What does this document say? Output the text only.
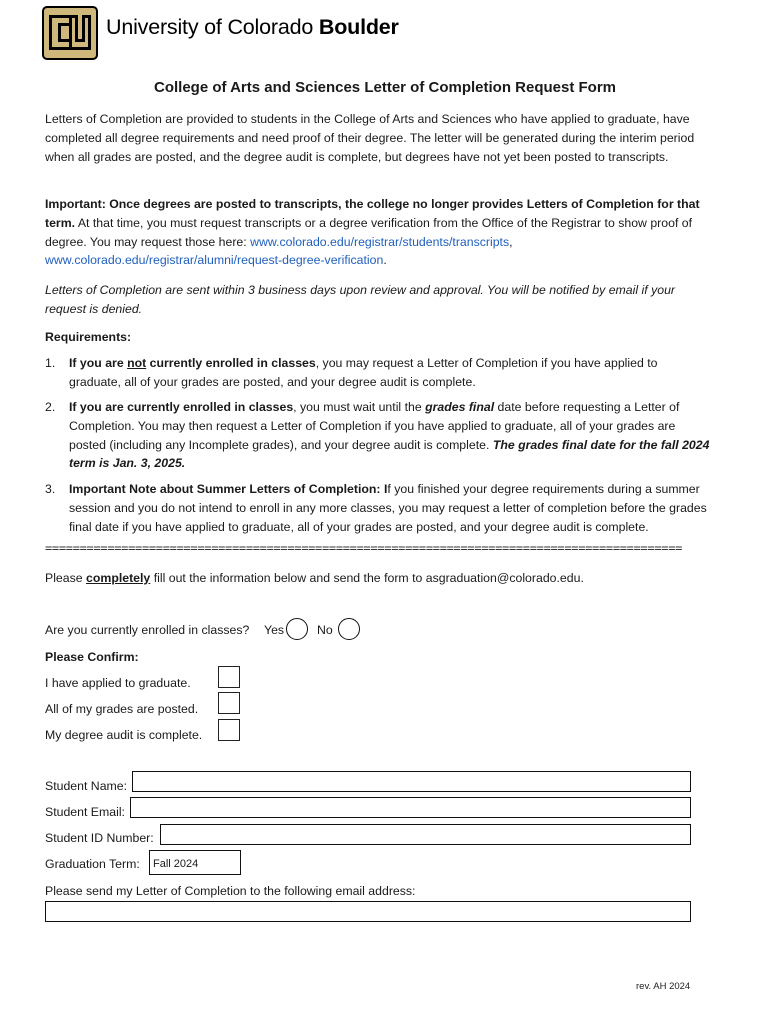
University of Colorado Boulder
College of Arts and Sciences Letter of Completion Request Form
Letters of Completion are provided to students in the College of Arts and Sciences who have applied to graduate, have completed all degree requirements and need proof of their degree. The letter will be generated during the interim period when all grades are posted, and the degree audit is complete, but degrees have not yet been posted to transcripts.
Important: Once degrees are posted to transcripts, the college no longer provides Letters of Completion for that term. At that time, you must request transcripts or a degree verification from the Office of the Registrar to show proof of degree. You may request those here: www.colorado.edu/registrar/students/transcripts, www.colorado.edu/registrar/alumni/request-degree-verification.
Letters of Completion are sent within 3 business days upon review and approval. You will be notified by email if your request is denied.
Requirements:
1. If you are not currently enrolled in classes, you may request a Letter of Completion if you have applied to graduate, all of your grades are posted, and your degree audit is complete.
2. If you are currently enrolled in classes, you must wait until the grades final date before requesting a Letter of Completion. You may then request a Letter of Completion if you have applied to graduate, all of your grades are posted (including any Incomplete grades), and your degree audit is complete. The grades final date for the fall 2024 term is Jan. 3, 2025.
3. Important Note about Summer Letters of Completion: If you finished your degree requirements during a summer session and you do not intend to enroll in any more classes, you may request a letter of completion before the grades final date if you have applied to graduate, all of your grades are posted, and your degree audit is complete.
============================================================================================
Please completely fill out the information below and send the form to asgraduation@colorado.edu.
Are you currently enrolled in classes? Yes	No
Please Confirm:
I have applied to graduate.
All of my grades are posted.
My degree audit is complete.
Student Name:
Student Email:
Student ID Number:
Graduation Term:	Fall 2024
Please send my Letter of Completion to the following email address:
rev. AH 2024
